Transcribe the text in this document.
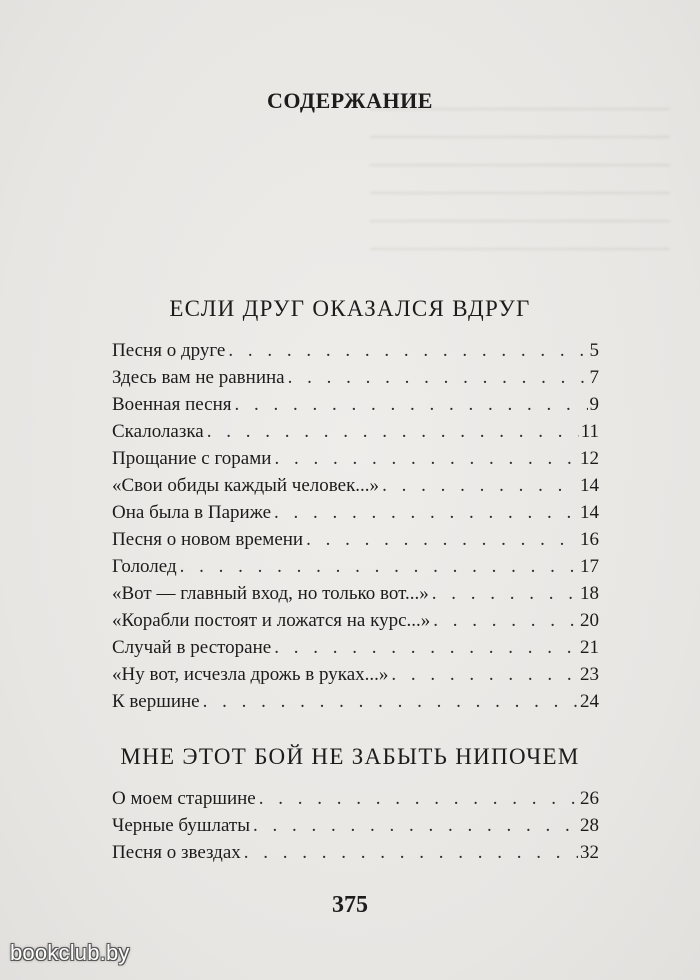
СОДЕРЖАНИЕ
ЕСЛИ ДРУГ ОКАЗАЛСЯ ВДРУГ
Песня о друге . . .	5
Здесь вам не равнина . . .	7
Военная песня . . .	9
Скалолазка . . .	11
Прощание с горами . . .	12
«Свои обиды каждый человек...» . . .	14
Она была в Париже . . .	14
Песня о новом времени . . .	16
Гололед . . .	17
«Вот — главный вход, но только вот...» . . .	18
«Корабли постоят и ложатся на курс...» . . .	20
Случай в ресторане . . .	21
«Ну вот, исчезла дрожь в руках...» . . .	23
К вершине . . .	24
МНЕ ЭТОТ БОЙ НЕ ЗАБЫТЬ НИПОЧЕМ
О моем старшине . . .	26
Черные бушлаты . . .	28
Песня о звездах . . .	32
375
bookclub.by
